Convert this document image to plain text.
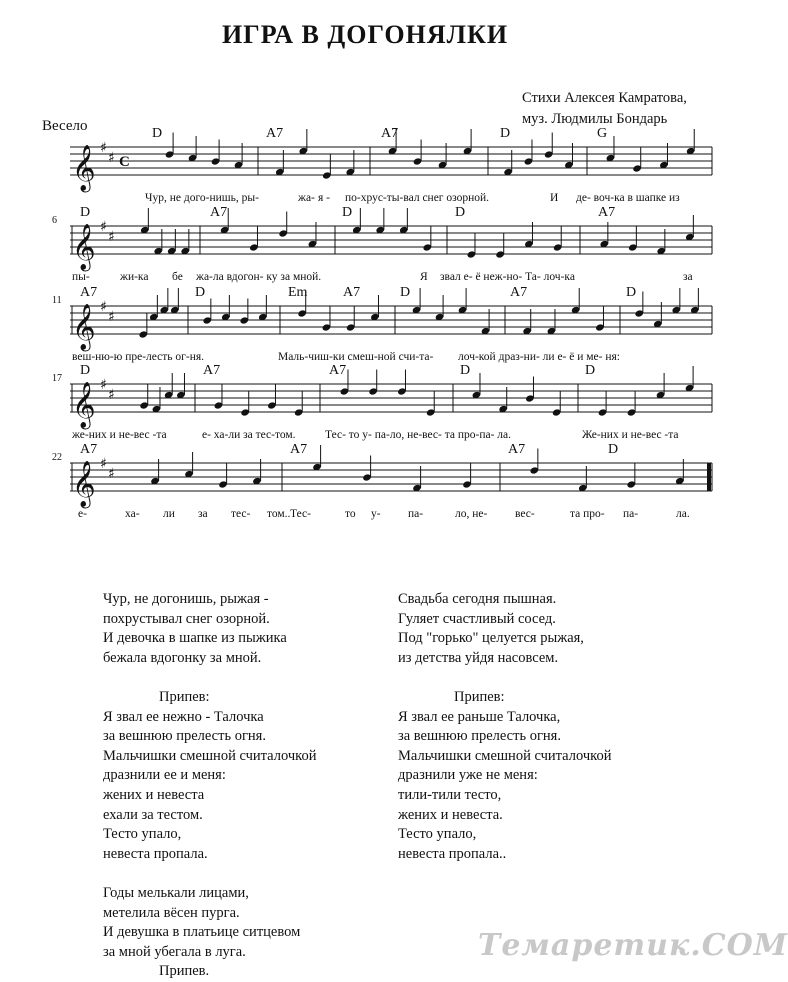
ИГРА В ДОГОНЯЛКИ
Стихи Алексея Камратова,
муз. Людмилы Бондарь
Весело
𝄞 ♯
♯ C
D	A7	A7	D	G
Чур, не дого-нишь, ры-	жа- я - по-хрус-ты-вал снег озорной.	И де- воч-ка в шапке из
𝄞 ♯
♯
D	A7	D	D	A7
пы-	жи-ка бе жа-ла вдогон- ку за мной.	Я звал е- ё неж-но- Та- лоч-ка	за
6
𝄞 ♯
♯
A7	D	Em	A7	D	A7	D
веш-ню-ю пре-лесть ог-ня.	Маль-чиш-ки смеш-ной счи-та- лоч-кой драз-ни- ли е- ё и ме- ня:
11
𝄞 ♯
♯
D	A7	A7	D	D
же-них и не-вес -та	е- ха-ли за тес-том.	Тес- то у- па-ло, не-вес- та про-па- ла.	Же-них и не-вес -та
17
𝄞 ♯
♯
A7	A7	A7	D
е-	ха- ли за тес- том.. Тес-	то у- па-	ло, не- вес-	та про- па-	ла.
22
Чур, не догонишь, рыжая -
похрустывал снег озорной.
И девочка в шапке из пыжика
бежала вдогонку за мной.
Припев:
Я звал ее нежно - Талочка
за вешнюю прелесть огня.
Мальчишки смешной считалочкой
дразнили ее и меня:
жених и невеста
ехали за тестом.
Тесто упало,
невеста пропала.
Годы мелькали лицами,
метелила вёсен пурга.
И девушка в платьице ситцевом
за мной убегала в луга.
Припев.
Свадьба сегодня пышная.
Гуляет счастливый сосед.
Под "горько" целуется рыжая,
из детства уйдя насовсем.
Припев:
Я звал ее раньше Талочка,
за вешнюю прелесть огня.
Мальчишки смешной считалочкой
дразнили уже не меня:
тили-тили тесто,
жених и невеста.
Тесто упало,
невеста пропала..
Темаретик.COM
